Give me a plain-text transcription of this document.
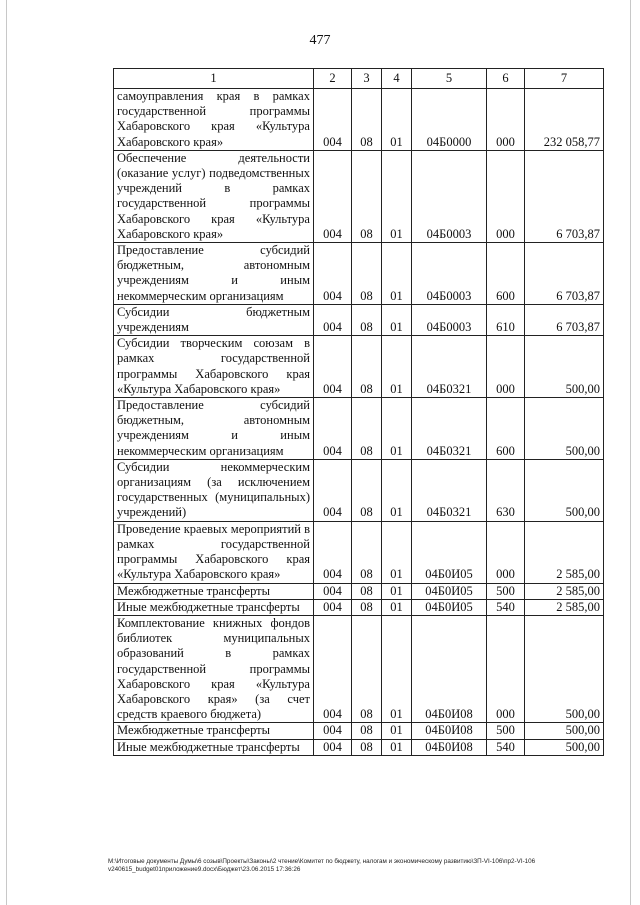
477
1	2	3	4	5	6	7
самоуправления края в рамках государственной программы Хабаровского края «Культура Хабаровского края»	004	08	01	04Б0000	000	232 058,77
Обеспечение деятельности (оказание услуг) подведомственных учреждений в рамках государственной программы Хабаровского края «Культура Хабаровского края»	004	08	01	04Б0003	000	6 703,87
Предоставление субсидий бюджетным, автономным учреждениям и иным некоммерческим организациям	004	08	01	04Б0003	600	6 703,87
Субсидии бюджетным учреждениям	004	08	01	04Б0003	610	6 703,87
Субсидии творческим союзам в рамках государственной программы Хабаровского края «Культура Хабаровского края»	004	08	01	04Б0321	000	500,00
Предоставление субсидий бюджетным, автономным учреждениям и иным некоммерческим организациям	004	08	01	04Б0321	600	500,00
Субсидии некоммерческим организациям (за исключением государственных (муниципальных) учреждений)	004	08	01	04Б0321	630	500,00
Проведение краевых мероприятий в рамках государственной программы Хабаровского края «Культура Хабаровского края»	004	08	01	04Б0И05	000	2 585,00
Межбюджетные трансферты	004	08	01	04Б0И05	500	2 585,00
Иные межбюджетные трансферты	004	08	01	04Б0И05	540	2 585,00
Комплектование книжных фондов библиотек муниципальных образований в рамках государственной программы Хабаровского края «Культура Хабаровского края» (за счет средств краевого бюджета)	004	08	01	04Б0И08	000	500,00
Межбюджетные трансферты	004	08	01	04Б0И08	500	500,00
Иные межбюджетные трансферты	004	08	01	04Б0И08	540	500,00
M:\Итоговые документы Думы\6 созыв\Проекты\Законы\2 чтение\Комитет по бюджету, налогам и экономическому развитию\ЗП-VI-106\пр2-VI-106 v240615_budget01приложение9.docx\Бюджет\23.06.2015 17:36:26
